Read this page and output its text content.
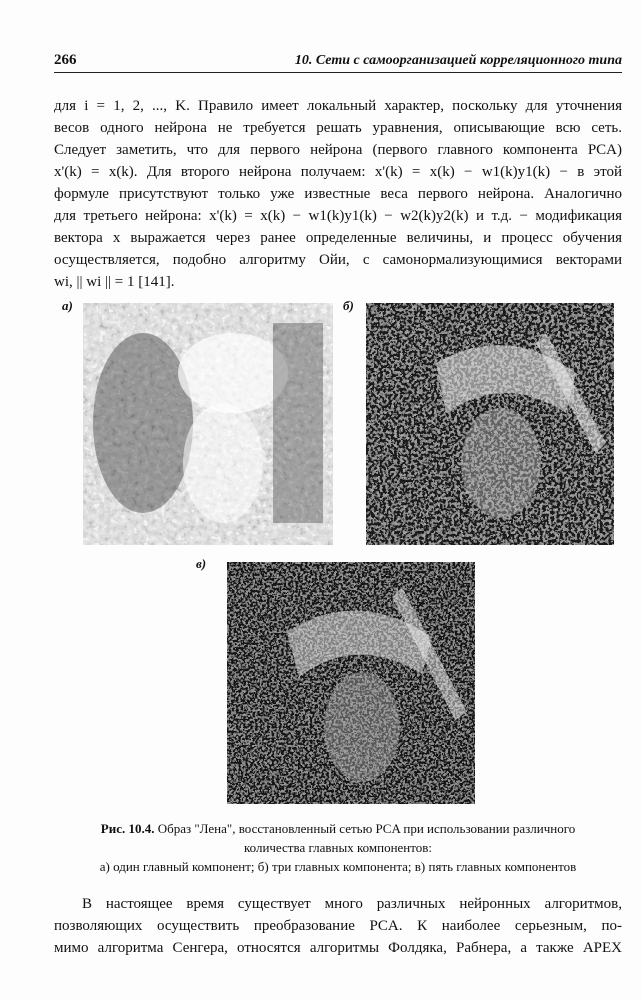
266	10. Сети с самоорганизацией корреляционного типа
для i = 1, 2, ..., K. Правило имеет локальный характер, поскольку для уточнения
весов одного нейрона не требуется решать уравнения, описывающие всю сеть.
Следует заметить, что для первого нейрона (первого главного компонента PCA)
x'(k) = x(k). Для второго нейрона получаем: x'(k) = x(k) − w1(k)y1(k) − в этой
формуле присутствуют только уже известные веса первого нейрона. Аналогично
для третьего нейрона: x'(k) = x(k) − w1(k)y1(k) − w2(k)y2(k) и т.д. − модификация
вектора x выражается через ранее определенные величины, и процесс обучения
осуществляется, подобно алгоритму Ойи, с самонормализующимися векторами
wi, || wi || = 1 [141].
а)	б)
в)
Рис. 10.4. Образ "Лена", восстановленный сетью PCA при использовании различного
количества главных компонентов:
а) один главный компонент; б) три главных компонента; в) пять главных компонентов
В настоящее время существует много различных нейронных алгоритмов,
позволяющих осуществить преобразование PCA. К наиболее серьезным, по-
мимо алгоритма Сенгера, относятся алгоритмы Фолдяка, Рабнера, а также APEX
